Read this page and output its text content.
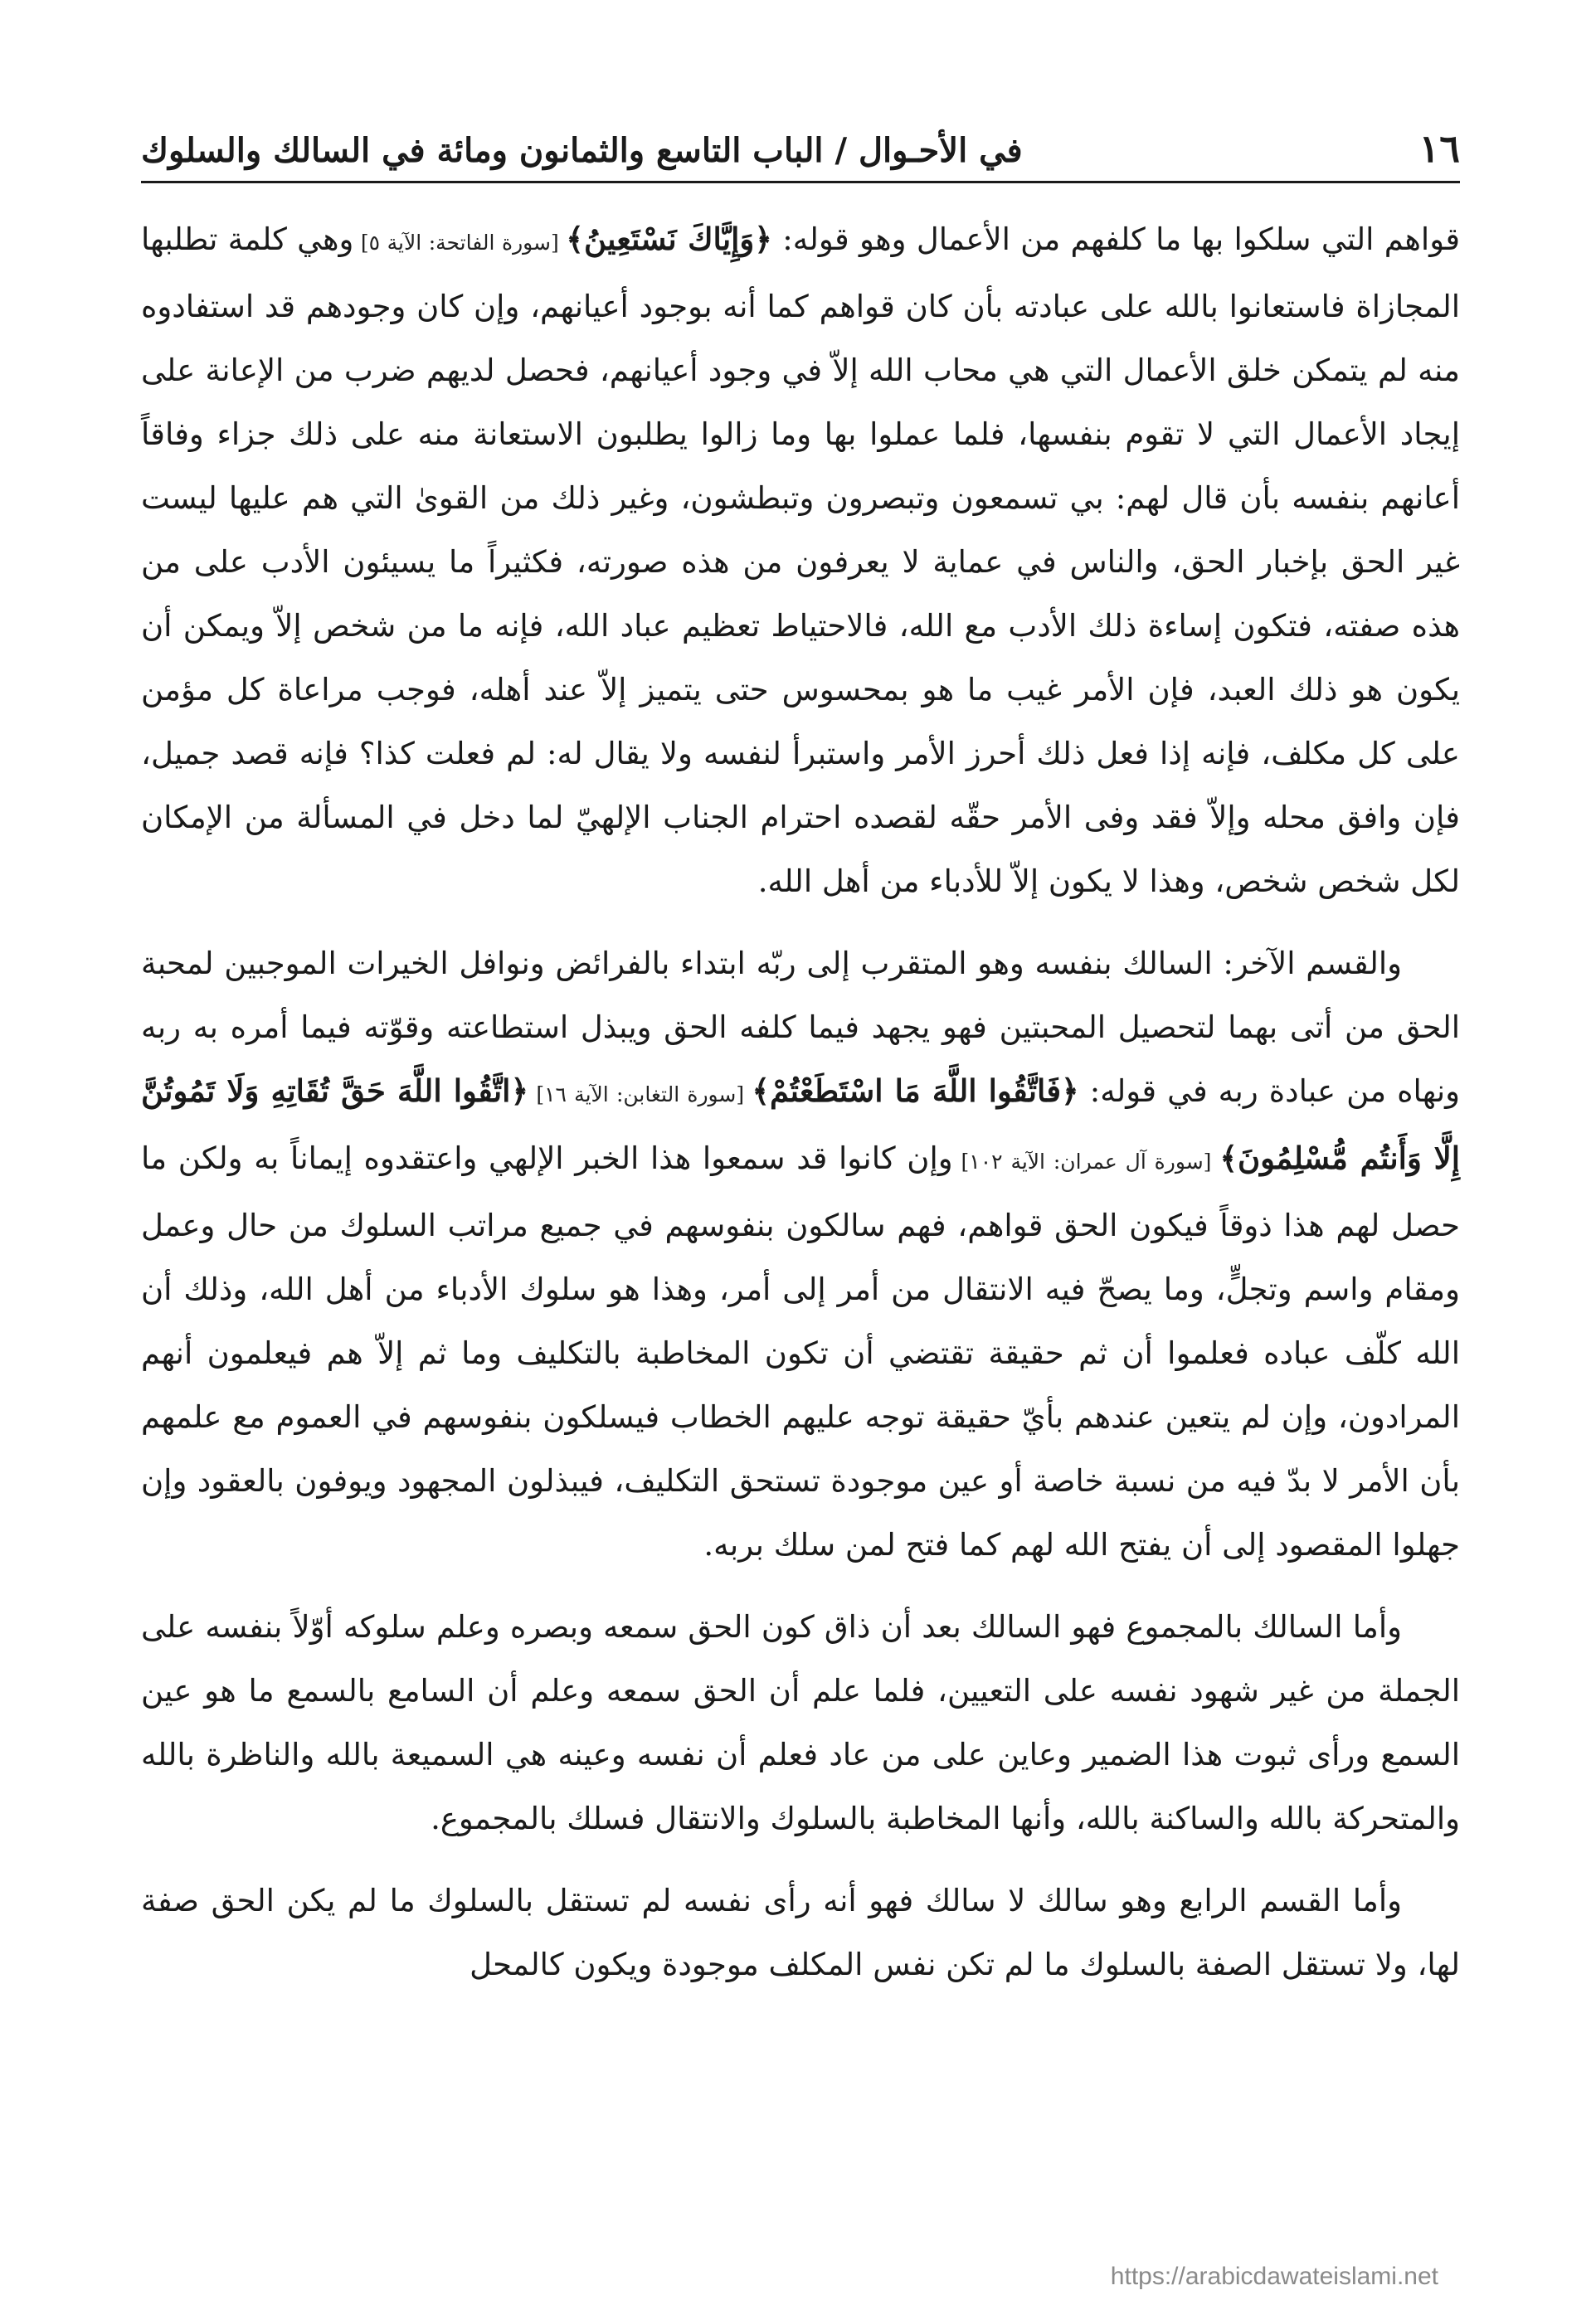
١٦
في الأحـوال / الباب التاسع والثمانون ومائة في السالك والسلوك

قواهم التي سلكوا بها ما كلفهم من الأعمال وهو قوله: ﴿وَإِيَّاكَ نَسْتَعِينُ﴾ [سورة الفاتحة: الآية ٥] وهي كلمة تطلبها المجازاة فاستعانوا بالله على عبادته بأن كان قواهم كما أنه بوجود أعيانهم، وإن كان وجودهم قد استفادوه منه لم يتمكن خلق الأعمال التي هي محاب الله إلاّ في وجود أعيانهم، فحصل لديهم ضرب من الإعانة على إيجاد الأعمال التي لا تقوم بنفسها، فلما عملوا بها وما زالوا يطلبون الاستعانة منه على ذلك جزاء وفاقاً أعانهم بنفسه بأن قال لهم: بي تسمعون وتبصرون وتبطشون، وغير ذلك من القوىٰ التي هم عليها ليست غير الحق بإخبار الحق، والناس في عماية لا يعرفون من هذه صورته، فكثيراً ما يسيئون الأدب على من هذه صفته، فتكون إساءة ذلك الأدب مع الله، فالاحتياط تعظيم عباد الله، فإنه ما من شخص إلاّ ويمكن أن يكون هو ذلك العبد، فإن الأمر غيب ما هو بمحسوس حتى يتميز إلاّ عند أهله، فوجب مراعاة كل مؤمن على كل مكلف، فإنه إذا فعل ذلك أحرز الأمر واستبرأ لنفسه ولا يقال له: لم فعلت كذا؟ فإنه قصد جميل، فإن وافق محله وإلاّ فقد وفى الأمر حقّه لقصده احترام الجناب الإلهيّ لما دخل في المسألة من الإمكان لكل شخص شخص، وهذا لا يكون إلاّ للأدباء من أهل الله.

والقسم الآخر: السالك بنفسه وهو المتقرب إلى ربّه ابتداء بالفرائض ونوافل الخيرات الموجبين لمحبة الحق من أتى بهما لتحصيل المحبتين فهو يجهد فيما كلفه الحق ويبذل استطاعته وقوّته فيما أمره به ربه ونهاه من عبادة ربه في قوله: ﴿فَاتَّقُوا اللَّهَ مَا اسْتَطَعْتُمْ﴾ [سورة التغابن: الآية ١٦] ﴿اتَّقُوا اللَّهَ حَقَّ تُقَاتِهِ وَلَا تَمُوتُنَّ إِلَّا وَأَنتُم مُّسْلِمُونَ﴾ [سورة آل عمران: الآية ١٠٢] وإن كانوا قد سمعوا هذا الخبر الإلهي واعتقدوه إيماناً به ولكن ما حصل لهم هذا ذوقاً فيكون الحق قواهم، فهم سالكون بنفوسهم في جميع مراتب السلوك من حال وعمل ومقام واسم وتجلٍّ، وما يصحّ فيه الانتقال من أمر إلى أمر، وهذا هو سلوك الأدباء من أهل الله، وذلك أن الله كلّف عباده فعلموا أن ثم حقيقة تقتضي أن تكون المخاطبة بالتكليف وما ثم إلاّ هم فيعلمون أنهم المرادون، وإن لم يتعين عندهم بأيّ حقيقة توجه عليهم الخطاب فيسلكون بنفوسهم في العموم مع علمهم بأن الأمر لا بدّ فيه من نسبة خاصة أو عين موجودة تستحق التكليف، فيبذلون المجهود ويوفون بالعقود وإن جهلوا المقصود إلى أن يفتح الله لهم كما فتح لمن سلك بربه.

وأما السالك بالمجموع فهو السالك بعد أن ذاق كون الحق سمعه وبصره وعلم سلوكه أوّلاً بنفسه على الجملة من غير شهود نفسه على التعيين، فلما علم أن الحق سمعه وعلم أن السامع بالسمع ما هو عين السمع ورأى ثبوت هذا الضمير وعاين على من عاد فعلم أن نفسه وعينه هي السميعة بالله والناظرة بالله والمتحركة بالله والساكنة بالله، وأنها المخاطبة بالسلوك والانتقال فسلك بالمجموع.

وأما القسم الرابع وهو سالك لا سالك فهو أنه رأى نفسه لم تستقل بالسلوك ما لم يكن الحق صفة لها، ولا تستقل الصفة بالسلوك ما لم تكن نفس المكلف موجودة ويكون كالمحل

https://arabicdawateislami.net
